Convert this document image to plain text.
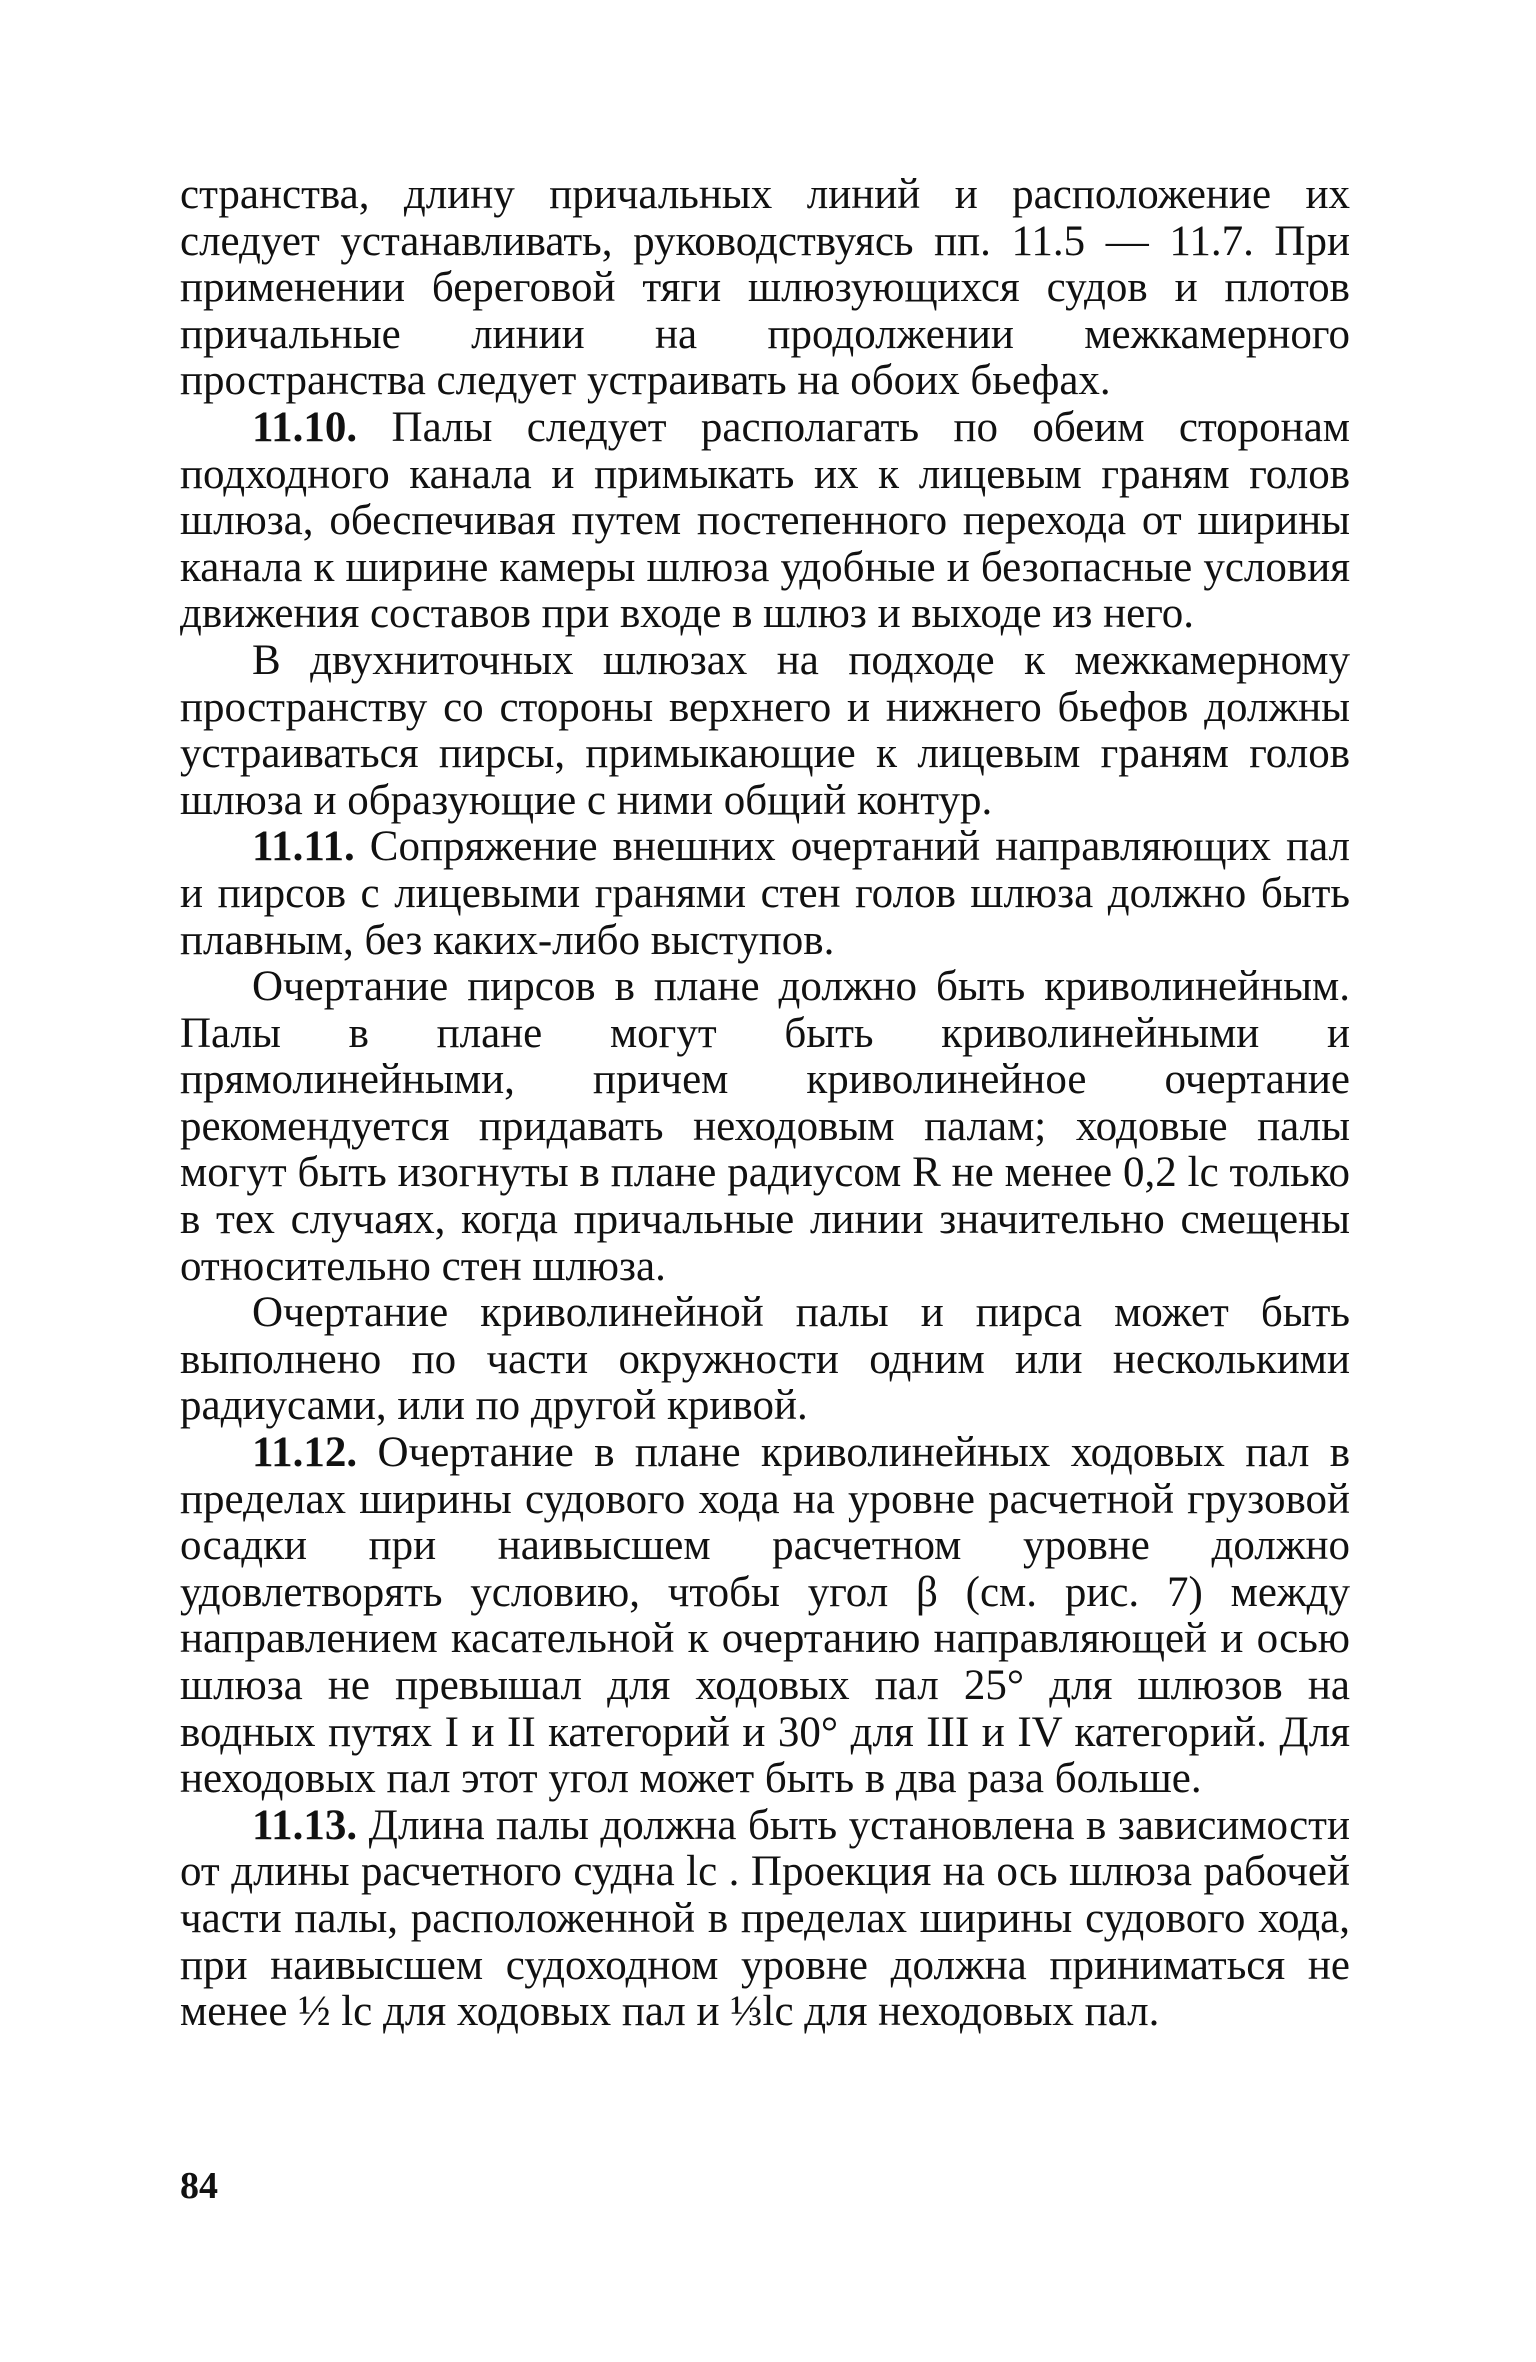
странства, длину причальных линий и расположение их следует устанавливать, руководствуясь пп. 11.5 — 11.7. При применении береговой тяги шлюзующихся судов и плотов причальные линии на продолжении межкамерного пространства следует устраивать на обоих бьефах.

11.10. Палы следует располагать по обеим сторонам подходного канала и примыкать их к лицевым граням голов шлюза, обеспечивая путем постепенного перехода от ширины канала к ширине камеры шлюза удобные и безопасные условия движения составов при входе в шлюз и выходе из него.

В двухниточных шлюзах на подходе к межкамерному пространству со стороны верхнего и нижнего бьефов должны устраиваться пирсы, примыкающие к лицевым граням голов шлюза и образующие с ними общий контур.

11.11. Сопряжение внешних очертаний направляющих пал и пирсов с лицевыми гранями стен голов шлюза должно быть плавным, без каких-либо выступов.

Очертание пирсов в плане должно быть криволинейным. Палы в плане могут быть криволинейными и прямолинейными, причем криволинейное очертание рекомендуется придавать неходовым палам; ходовые палы могут быть изогнуты в плане радиусом R не менее 0,2 lс только в тех случаях, когда причальные линии значительно смещены относительно стен шлюза.

Очертание криволинейной палы и пирса может быть выполнено по части окружности одним или несколькими радиусами, или по другой кривой.

11.12. Очертание в плане криволинейных ходовых пал в пределах ширины судового хода на уровне расчетной грузовой осадки при наивысшем расчетном уровне должно удовлетворять условию, чтобы угол β (см. рис. 7) между направлением касательной к очертанию направляющей и осью шлюза не превышал для ходовых пал 25° для шлюзов на водных путях I и II категорий и 30° для III и IV категорий. Для неходовых пал этот угол может быть в два раза больше.

11.13. Длина палы должна быть установлена в зависимости от длины расчетного судна lс . Проекция на ось шлюза рабочей части палы, расположенной в пределах ширины судового хода, при наивысшем судоходном уровне должна приниматься не менее ½ lс для ходовых пал и ⅓lс для неходовых пал.

84
